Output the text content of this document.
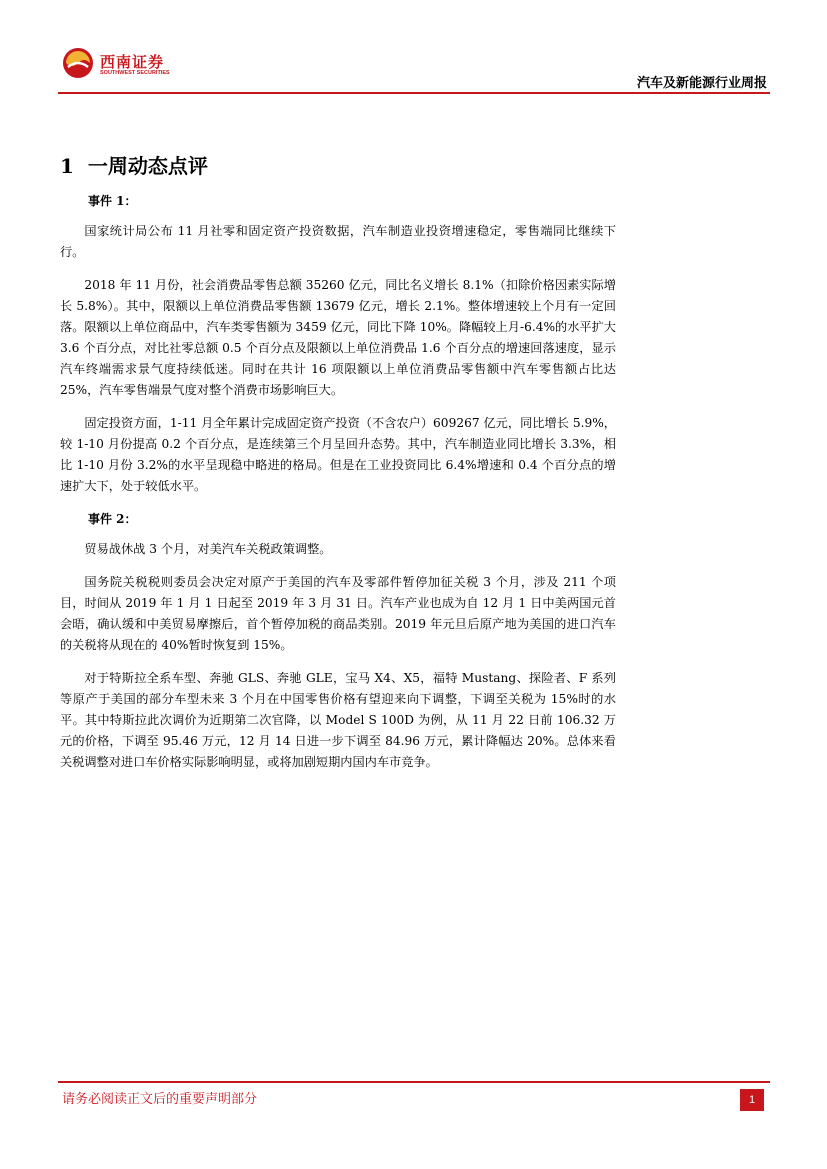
西南证券
SOUTHWEST SECURITIES
汽车及新能源行业周报
1 一周动态点评
事件 1：

国家统计局公布 11 月社零和固定资产投资数据，汽车制造业投资增速稳定，零售端同比继续下行。

2018 年 11 月份，社会消费品零售总额 35260 亿元，同比名义增长 8.1%（扣除价格因素实际增长 5.8%）。其中，限额以上单位消费品零售额 13679 亿元，增长 2.1%。整体增速较上个月有一定回落。限额以上单位商品中，汽车类零售额为 3459 亿元，同比下降 10%。降幅较上月-6.4%的水平扩大 3.6 个百分点，对比社零总额 0.5 个百分点及限额以上单位消费品 1.6 个百分点的增速回落速度，显示汽车终端需求景气度持续低迷。同时在共计 16 项限额以上单位消费品零售额中汽车零售额占比达 25%，汽车零售端景气度对整个消费市场影响巨大。

固定投资方面，1-11 月全年累计完成固定资产投资（不含农户）609267 亿元，同比增长 5.9%，较 1-10 月份提高 0.2 个百分点，是连续第三个月呈回升态势。其中，汽车制造业同比增长 3.3%，相比 1-10 月份 3.2%的水平呈现稳中略进的格局。但是在工业投资同比 6.4%增速和 0.4 个百分点的增速扩大下，处于较低水平。

事件 2：

贸易战休战 3 个月，对美汽车关税政策调整。

国务院关税税则委员会决定对原产于美国的汽车及零部件暂停加征关税 3 个月，涉及 211 个项目，时间从 2019 年 1 月 1 日起至 2019 年 3 月 31 日。汽车产业也成为自 12 月 1 日中美两国元首会晤，确认缓和中美贸易摩擦后，首个暂停加税的商品类别。2019 年元旦后原产地为美国的进口汽车的关税将从现在的 40%暂时恢复到 15%。

对于特斯拉全系车型、奔驰 GLS、奔驰 GLE，宝马 X4、X5，福特 Mustang、探险者、F 系列等原产于美国的部分车型未来 3 个月在中国零售价格有望迎来向下调整，下调至关税为 15%时的水平。其中特斯拉此次调价为近期第二次官降，以 Model S 100D 为例，从 11 月 22 日前 106.32 万元的价格，下调至 95.46 万元，12 月 14 日进一步下调至 84.96 万元，累计降幅达 20%。总体来看关税调整对进口车价格实际影响明显，或将加剧短期内国内车市竞争。

请务必阅读正文后的重要声明部分	1
